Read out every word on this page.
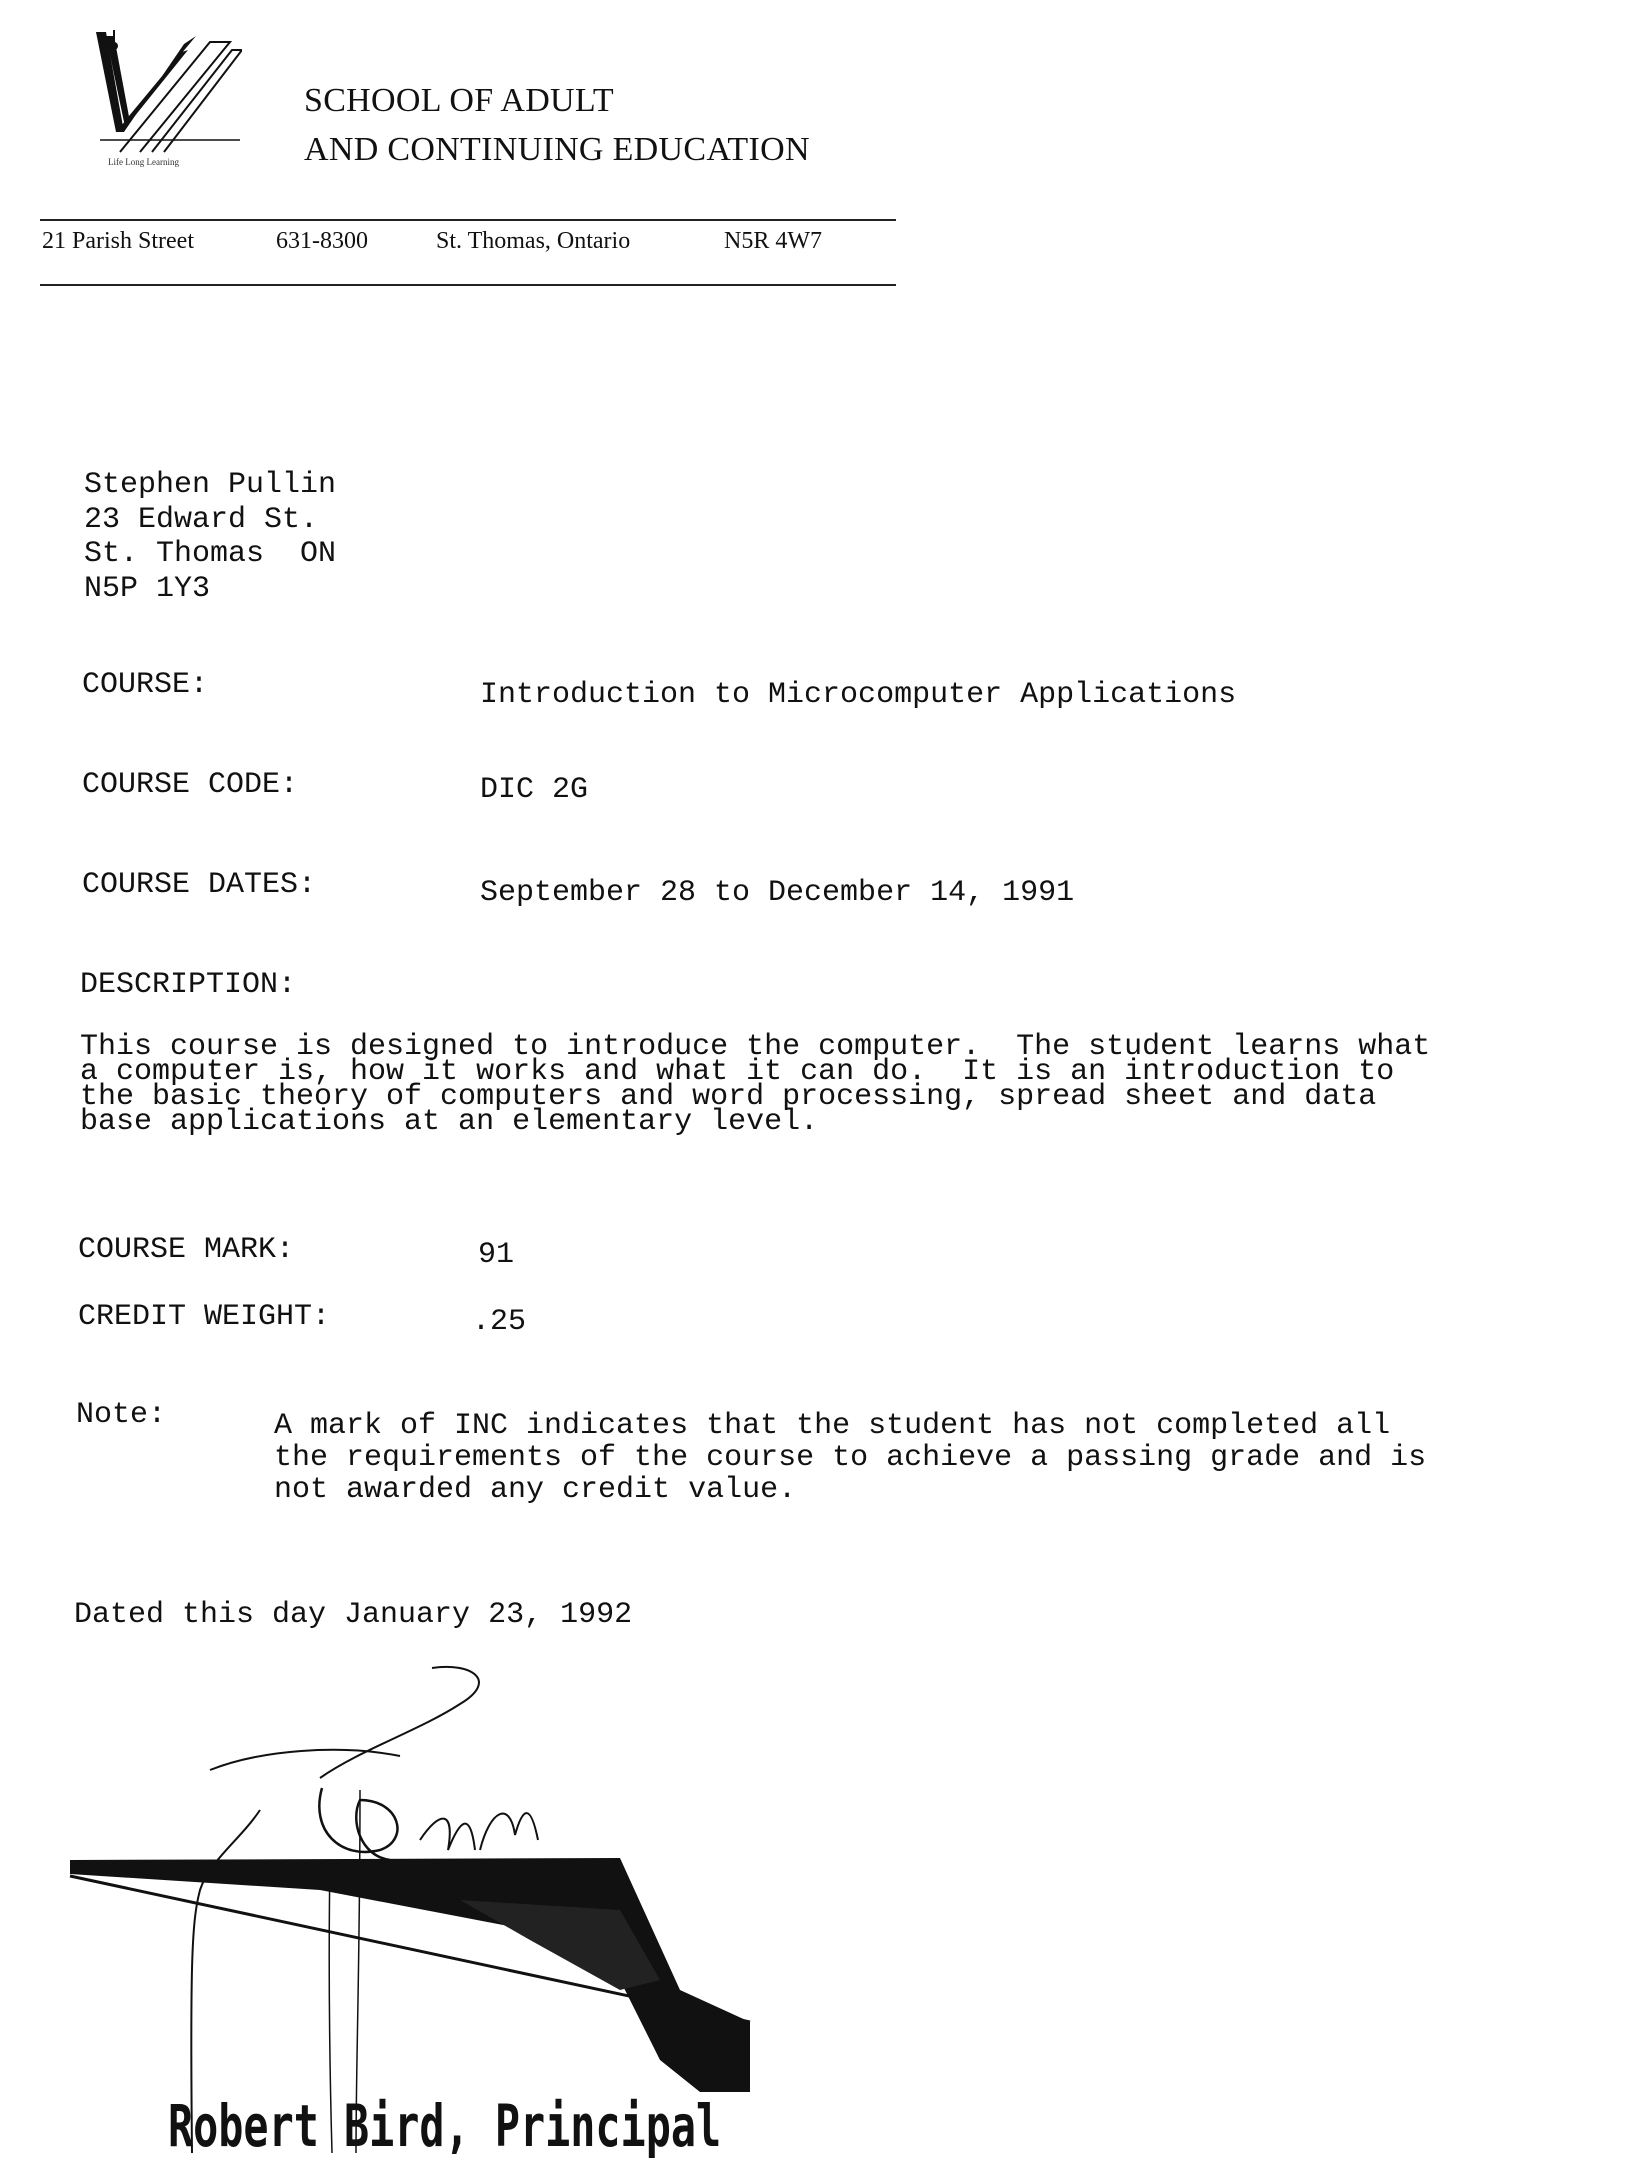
Life Long Learning
SCHOOL OF ADULT
AND CONTINUING EDUCATION
21 Parish Street	631-8300	St. Thomas, Ontario	N5R 4W7
Stephen Pullin
23 Edward St.
St. Thomas  ON
N5P 1Y3
COURSE:	Introduction to Microcomputer Applications
COURSE CODE:	DIC 2G
COURSE DATES:	September 28 to December 14, 1991
DESCRIPTION:
This course is designed to introduce the computer.  The student learns what
a computer is, how it works and what it can do.  It is an introduction to
the basic theory of computers and word processing, spread sheet and data
base applications at an elementary level.
COURSE MARK:	91
CREDIT WEIGHT:	.25
Note:	A mark of INC indicates that the student has not completed all
the requirements of the course to achieve a passing grade and is
not awarded any credit value.
Dated this day January 23, 1992
Robert Bird, Principal
